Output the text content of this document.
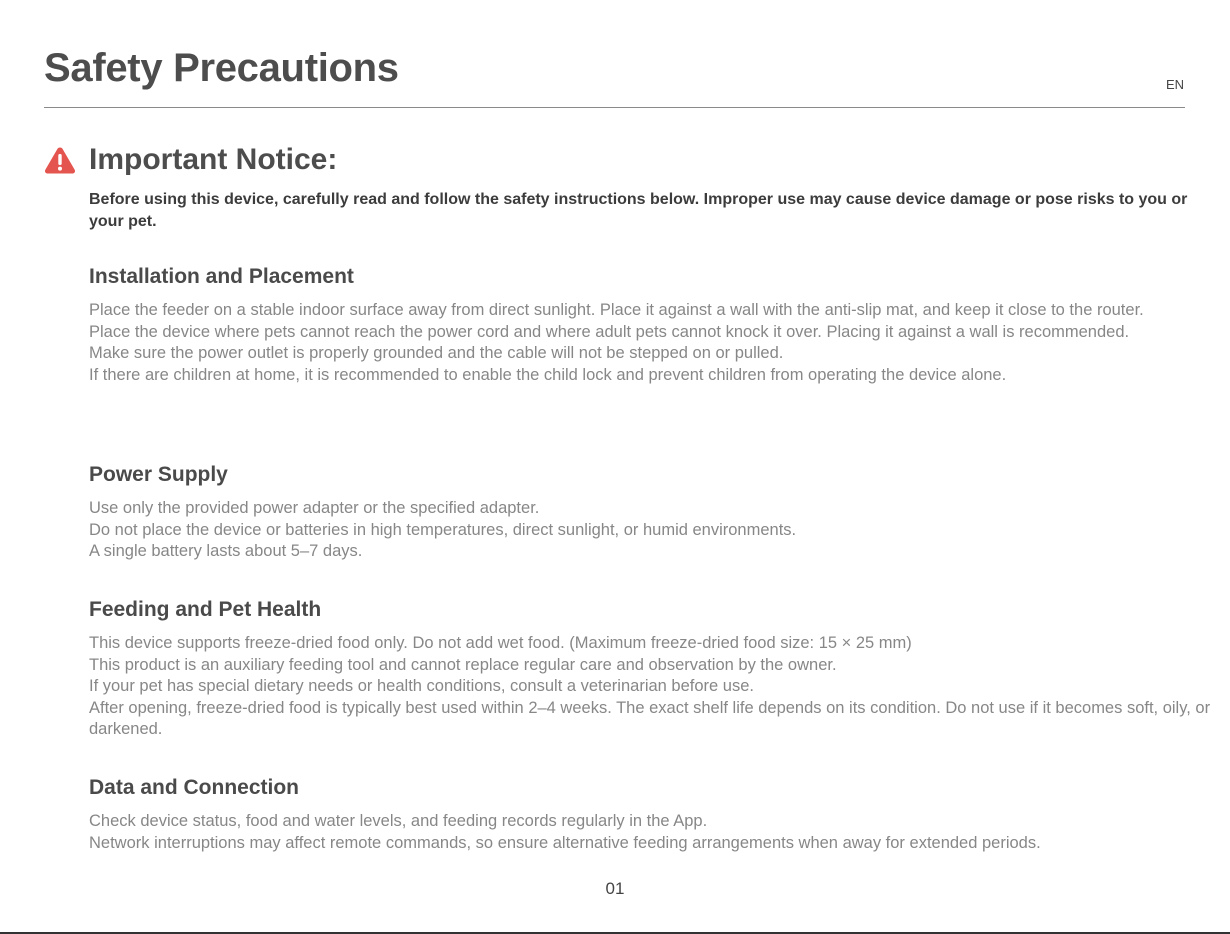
Safety Precautions	EN
Important Notice:

Before using this device, carefully read and follow the safety instructions below. Improper use may cause device damage or pose risks to you or your pet.

Installation and Placement

Place the feeder on a stable indoor surface away from direct sunlight. Place it against a wall with the anti-slip mat, and keep it close to the router.

Place the device where pets cannot reach the power cord and where adult pets cannot knock it over. Placing it against a wall is recommended.

Make sure the power outlet is properly grounded and the cable will not be stepped on or pulled.

If there are children at home, it is recommended to enable the child lock and prevent children from operating the device alone.

Power Supply

Use only the provided power adapter or the specified adapter.

Do not place the device or batteries in high temperatures, direct sunlight, or humid environments.

A single battery lasts about 5–7 days.

Feeding and Pet Health

This device supports freeze-dried food only. Do not add wet food. (Maximum freeze-dried food size: 15 × 25 mm)

This product is an auxiliary feeding tool and cannot replace regular care and observation by the owner.

If your pet has special dietary needs or health conditions, consult a veterinarian before use.

After opening, freeze-dried food is typically best used within 2–4 weeks. The exact shelf life depends on its condition. Do not use if it becomes soft, oily, or darkened.

Data and Connection

Check device status, food and water levels, and feeding records regularly in the App.

Network interruptions may affect remote commands, so ensure alternative feeding arrangements when away for extended periods.

01
